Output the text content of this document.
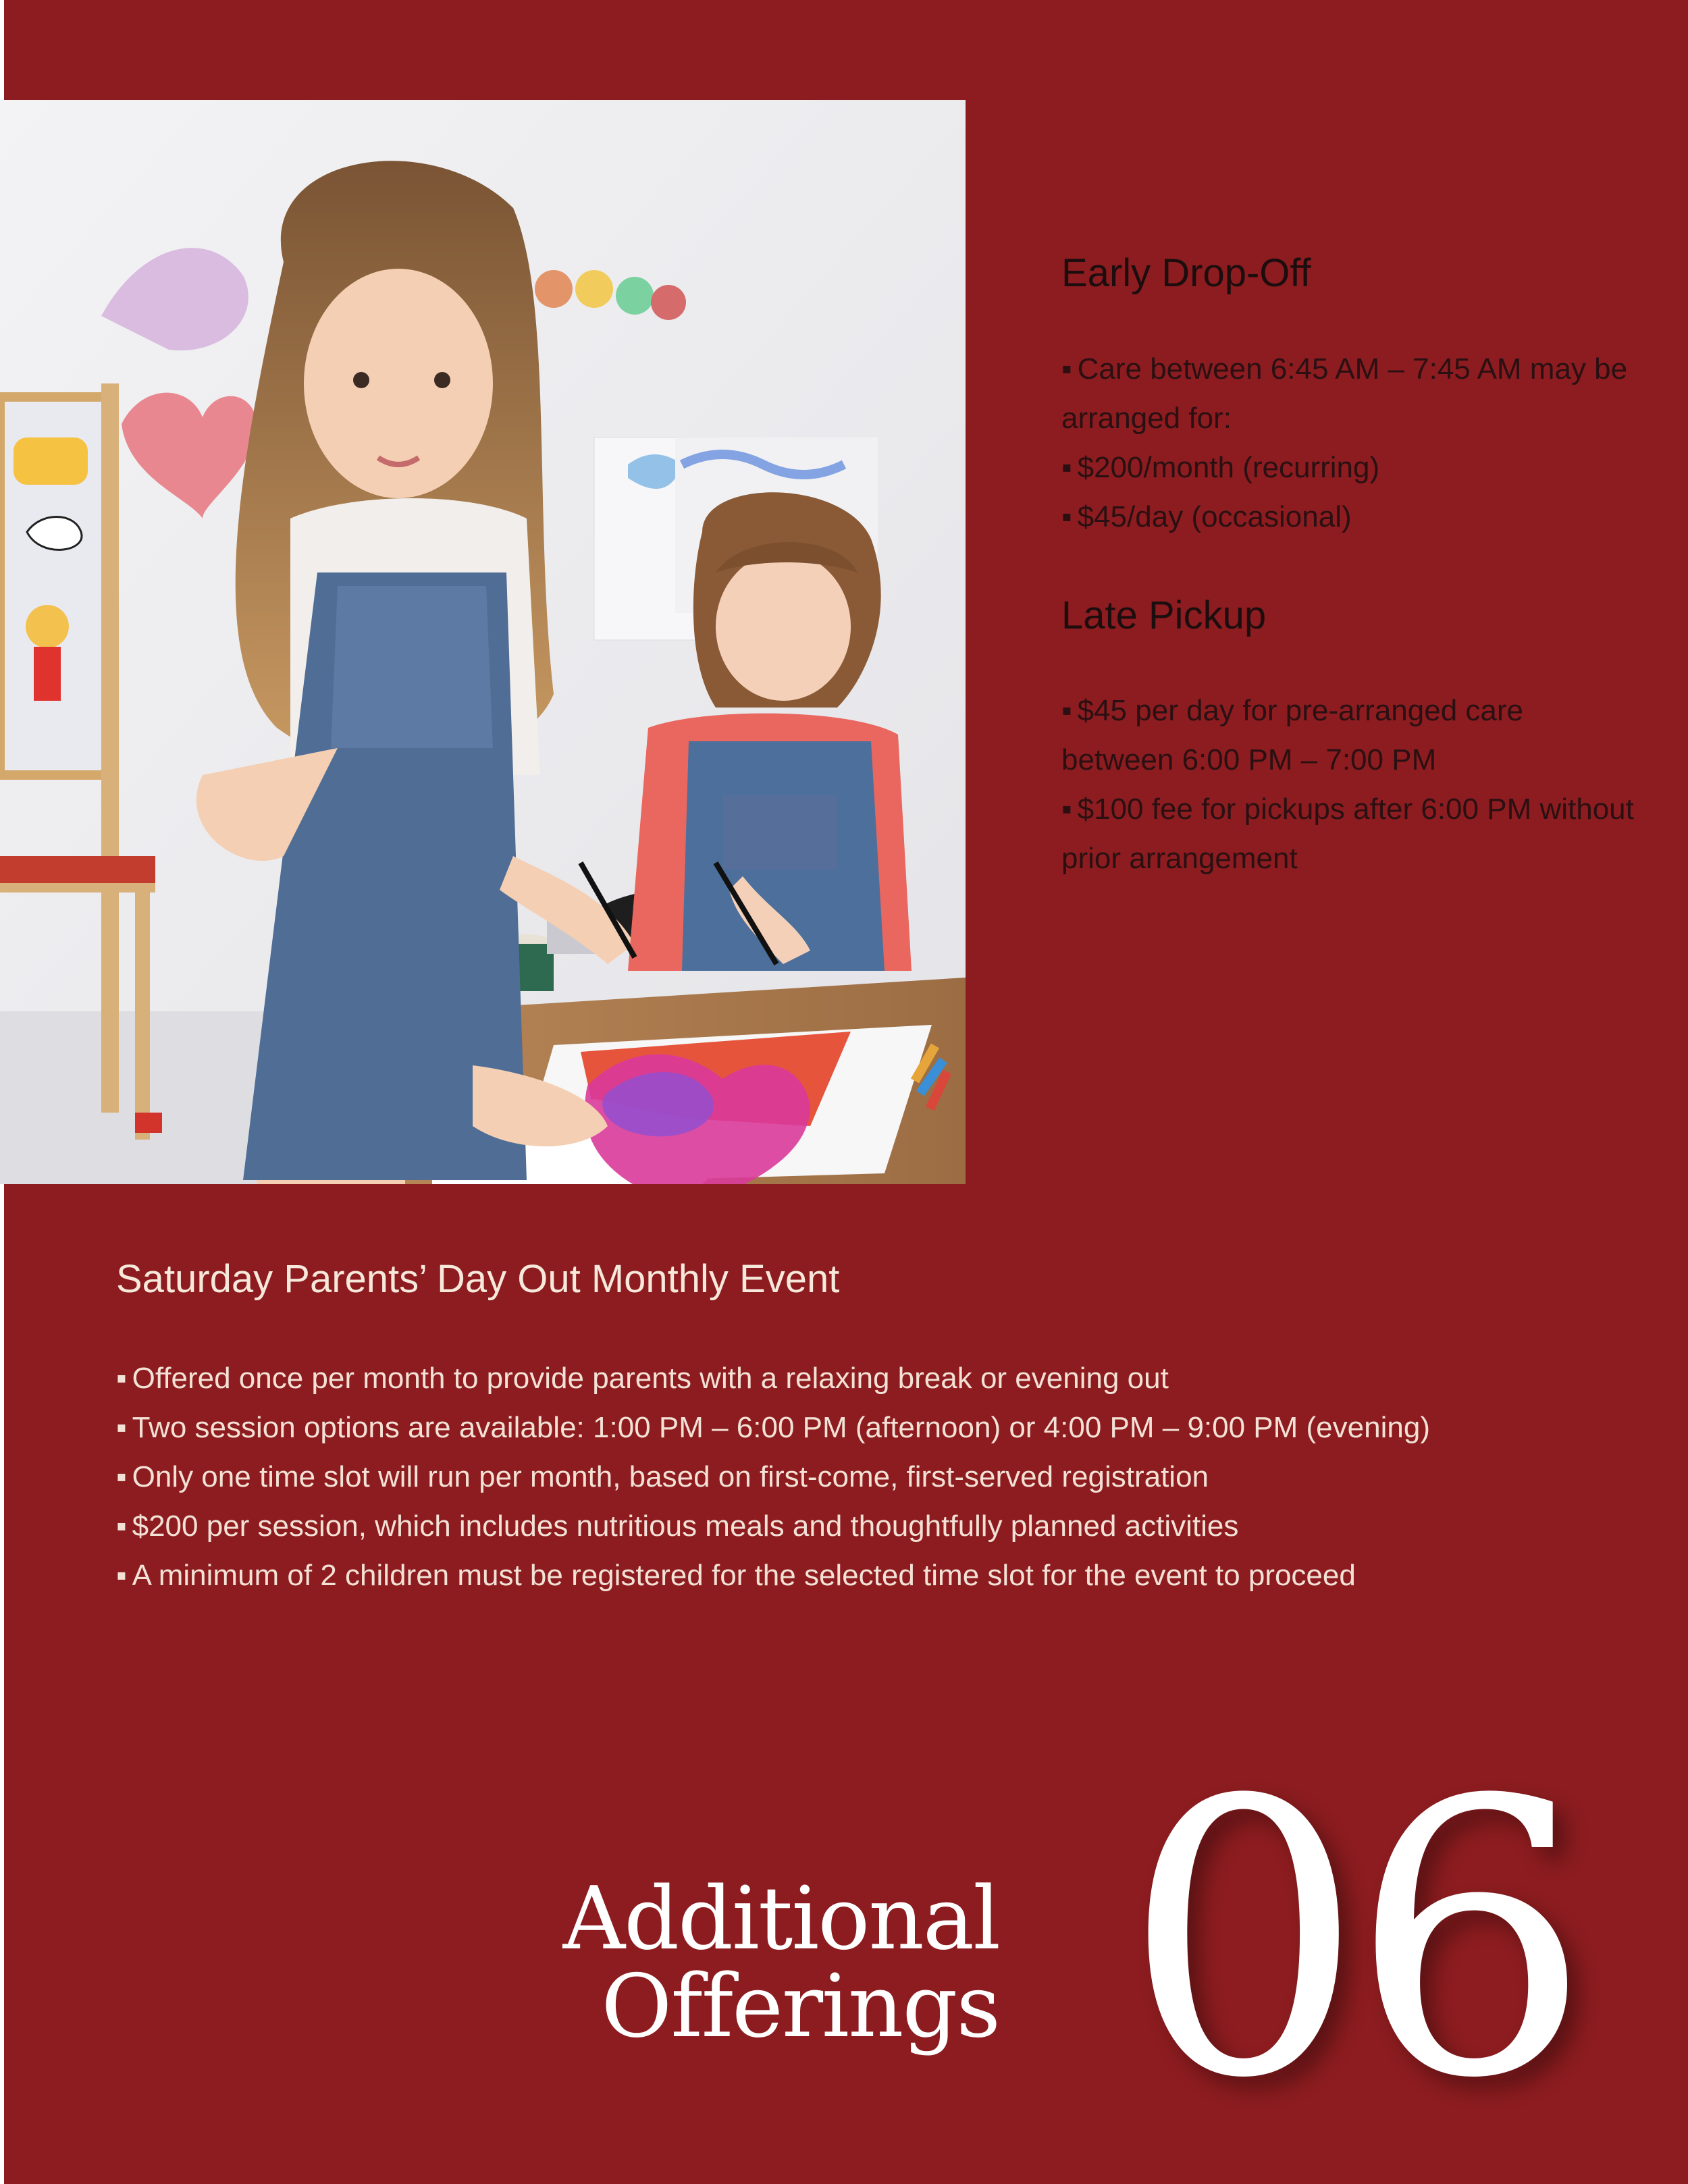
Early Drop-Off
▪ Care between 6:45 AM – 7:45 AM may be arranged for:
▪ $200/month (recurring)
▪ $45/day (occasional)
Late Pickup
▪ $45 per day for pre-arranged care between 6:00 PM – 7:00 PM
▪ $100 fee for pickups after 6:00 PM without prior arrangement
Saturday Parents’ Day Out Monthly Event
▪ Offered once per month to provide parents with a relaxing break or evening out
▪ Two session options are available: 1:00 PM – 6:00 PM (afternoon) or 4:00 PM – 9:00 PM (evening)
▪ Only one time slot will run per month, based on first-come, first-served registration
▪ $200 per session, which includes nutritious meals and thoughtfully planned activities
▪ A minimum of 2 children must be registered for the selected time slot for the event to proceed
Additional
Offerings 06
